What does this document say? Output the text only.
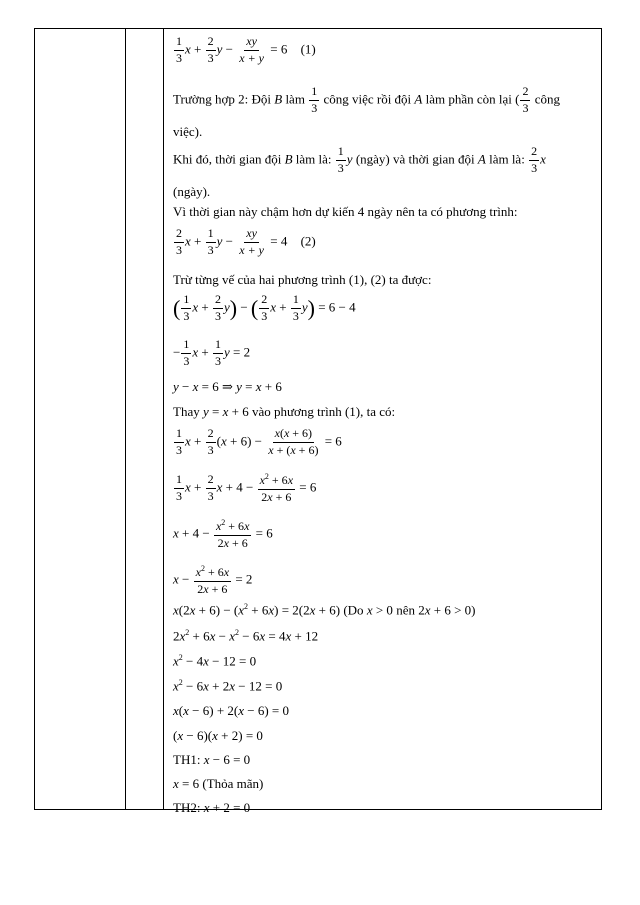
$\frac{1}{3}$ $x + \frac{2}{3}$ $y - \frac{xy}{x + y} = 6$ (1)
Trường hợp 2: Đội B làm $\frac{1}{3}$ công việc rồi đội A làm phần còn lại ( $\frac{2}{3}$ công
việc).
Khi đó, thời gian đội B làm là: $\frac{1}{3}$ y (ngày) và thời gian đội A làm là: $\frac{2}{3}$ x
(ngày).
Vì thời gian này chậm hơn dự kiến 4 ngày nên ta có phương trình:
$\frac{2}{3}$ $x + \frac{1}{3}$ $y - \frac{xy}{x + y} = 4$ (2)
Trừ từng vế của hai phương trình (1), (2) ta được:
( $\frac{1}{3}$ $x + \frac{2}{3} y$) − ( $\frac{2}{3}$ $x + \frac{1}{3} y) = 6 - 4$
− $\frac{1}{3}$ $x + \frac{1}{3}$ y = 2
y − x = 6 ⇒ y = x + 6
Thay y = x + 6 vào phương trình (1), ta có:
$\frac{1}{3}$ $x + \frac{2}{3} (x + 6) - \frac{x(x + 6)}{x + (x + 6)} = 6$
$\frac{1}{3}$ $x + \frac{2}{3}$ $x + 4 - \frac{x^2 + 6x}{2x + 6} = 6$
$x + 4 - \frac{x^2 + 6x}{2x + 6} = 6$
$x - \frac{x^2 + 6x}{2x + 6} = 2$
$x(2x + 6) - (x^2 + 6x) = 2(2x + 6)$ (Do x > 0 nên 2x + 6 > 0)
$2x^2 + 6x - x^2 - 6x = 4x + 12$
$x^2 - 4x - 12 = 0$
$x^2 - 6x + 2x - 12 = 0$
x(x − 6) + 2(x − 6) = 0
(x − 6)(x + 2) = 0
TH1: x − 6 = 0
x = 6 (Thỏa mãn)
TH2: x + 2 = 0
